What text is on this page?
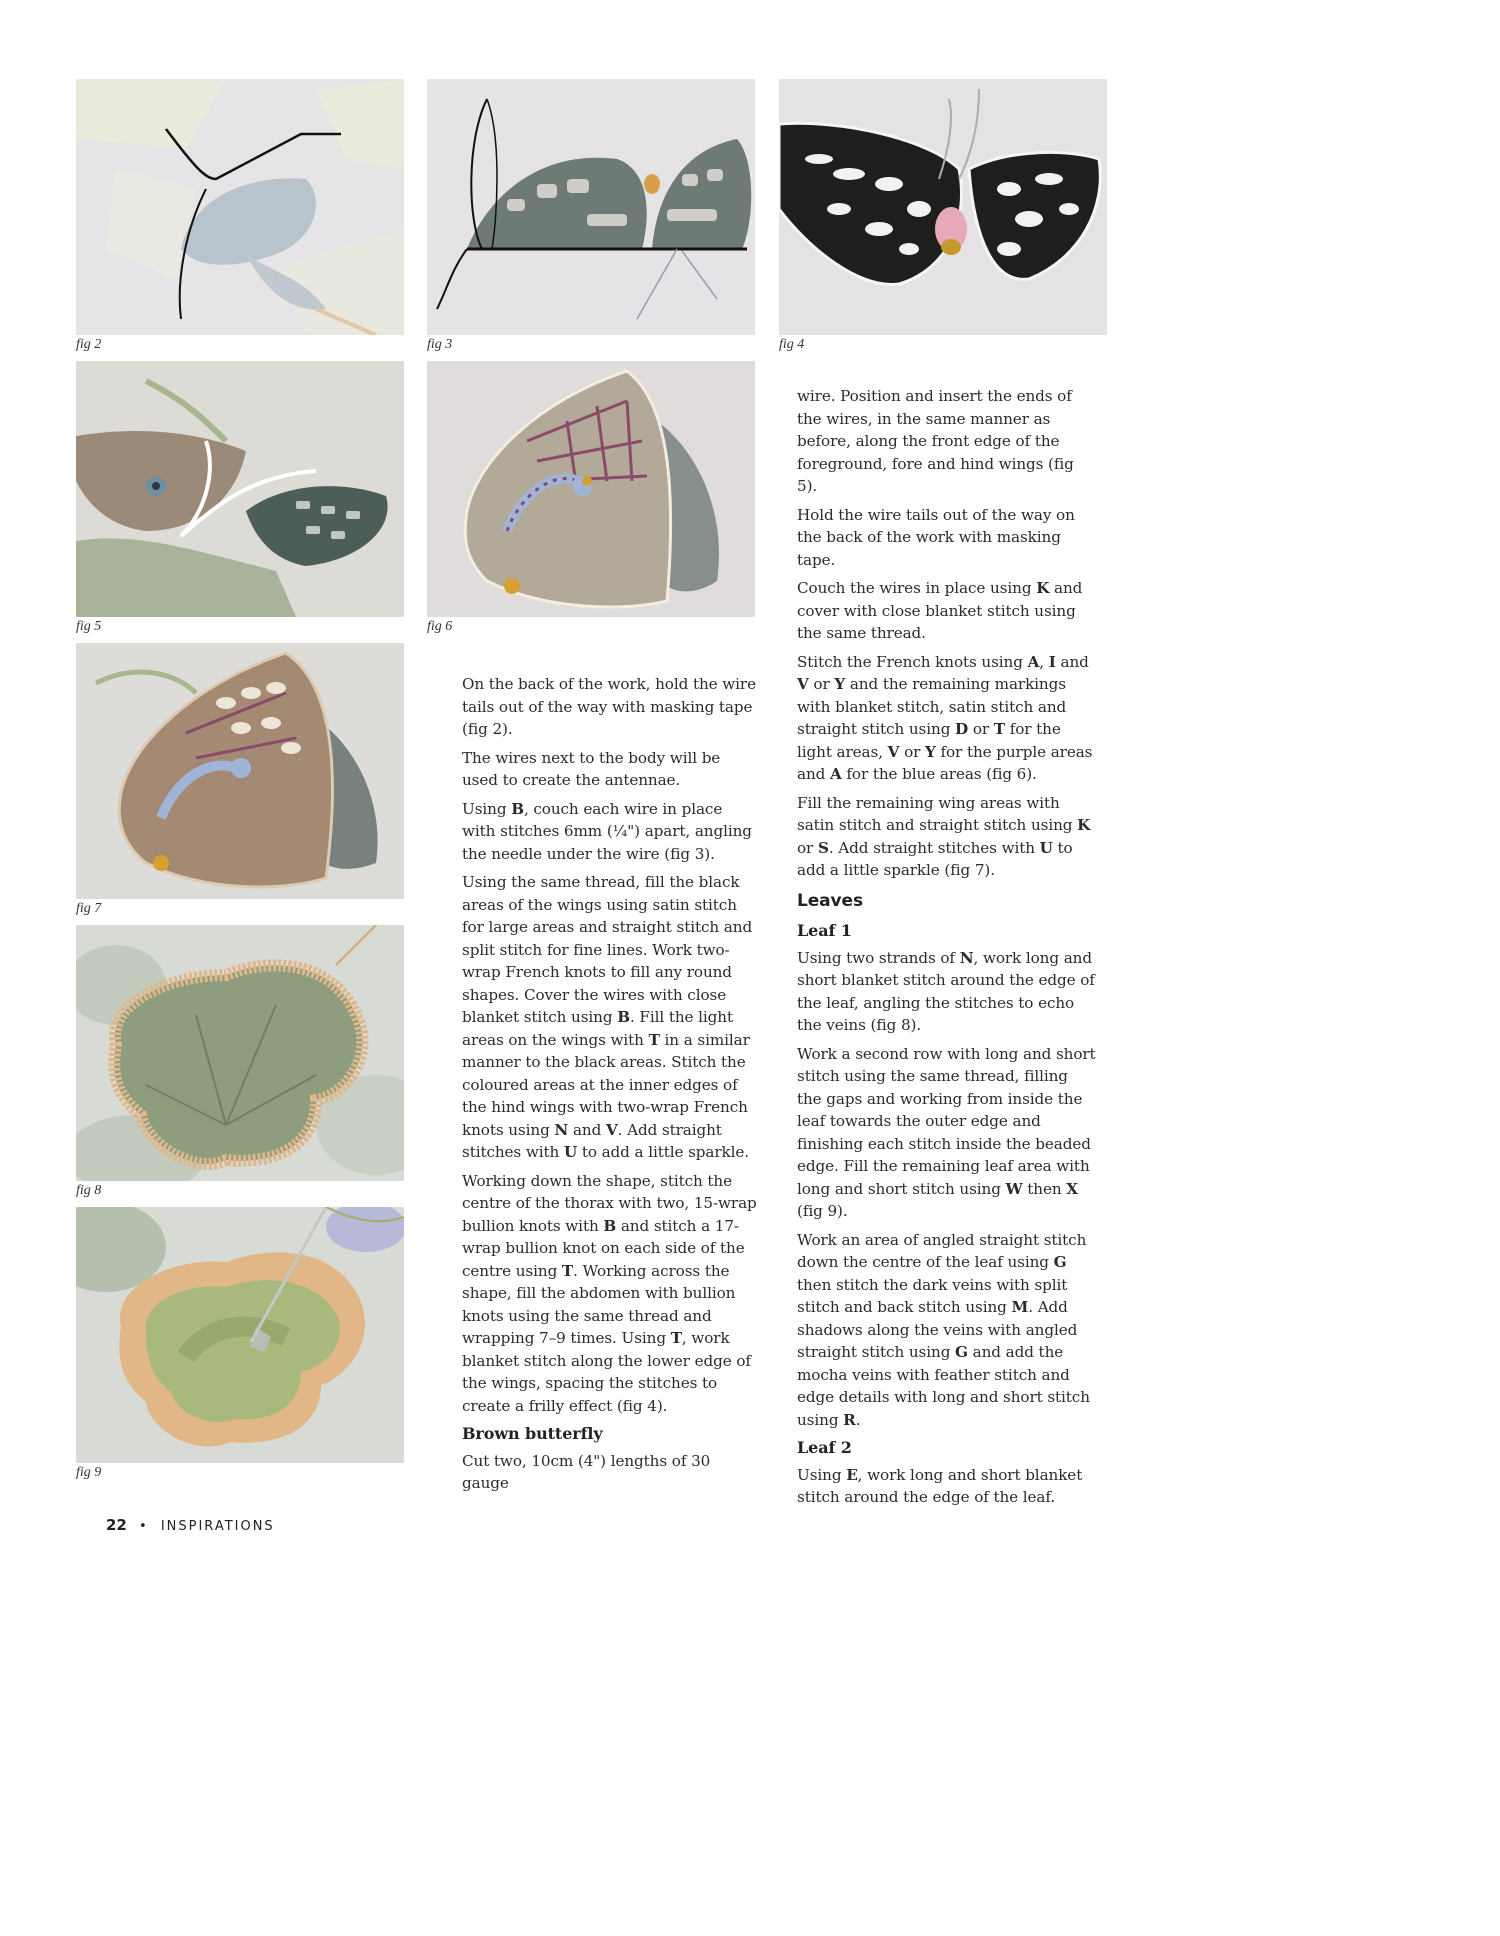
fig 2	fig 3	fig 4
fig 5	fig 6
fig 7
fig 8
fig 9

On the back of the work, hold the wire tails out of the way with masking tape (fig 2).

The wires next to the body will be used to create the antennae.

Using B, couch each wire in place with stitches 6mm (¼") apart, angling the needle under the wire (fig 3).

Using the same thread, fill the black areas of the wings using satin stitch for large areas and straight stitch and split stitch for fine lines. Work two-wrap French knots to fill any round shapes. Cover the wires with close blanket stitch using B. Fill the light areas on the wings with T in a similar manner to the black areas. Stitch the coloured areas at the inner edges of the hind wings with two-wrap French knots using N and V. Add straight stitches with U to add a little sparkle.

Working down the shape, stitch the centre of the thorax with two, 15-wrap bullion knots with B and stitch a 17-wrap bullion knot on each side of the centre using T. Working across the shape, fill the abdomen with bullion knots using the same thread and wrapping 7–9 times. Using T, work blanket stitch along the lower edge of the wings, spacing the stitches to create a frilly effect (fig 4).

Brown butterfly

Cut two, 10cm (4") lengths of 30 gauge

wire. Position and insert the ends of the wires, in the same manner as before, along the front edge of the foreground, fore and hind wings (fig 5).

Hold the wire tails out of the way on the back of the work with masking tape.

Couch the wires in place using K and cover with close blanket stitch using the same thread.

Stitch the French knots using A, I and V or Y and the remaining markings with blanket stitch, satin stitch and straight stitch using D or T for the light areas, V or Y for the purple areas and A for the blue areas (fig 6).

Fill the remaining wing areas with satin stitch and straight stitch using K or S. Add straight stitches with U to add a little sparkle (fig 7).

Leaves
Leaf 1

Using two strands of N, work long and short blanket stitch around the edge of the leaf, angling the stitches to echo the veins (fig 8).

Work a second row with long and short stitch using the same thread, filling the gaps and working from inside the leaf towards the outer edge and finishing each stitch inside the beaded edge. Fill the remaining leaf area with long and short stitch using W then X (fig 9).

Work an area of angled straight stitch down the centre of the leaf using G then stitch the dark veins with split stitch and back stitch using M. Add shadows along the veins with angled straight stitch using G and add the mocha veins with feather stitch and edge details with long and short stitch using R.

Leaf 2

Using E, work long and short blanket stitch around the edge of the leaf.

22 • INSPIRATIONS
